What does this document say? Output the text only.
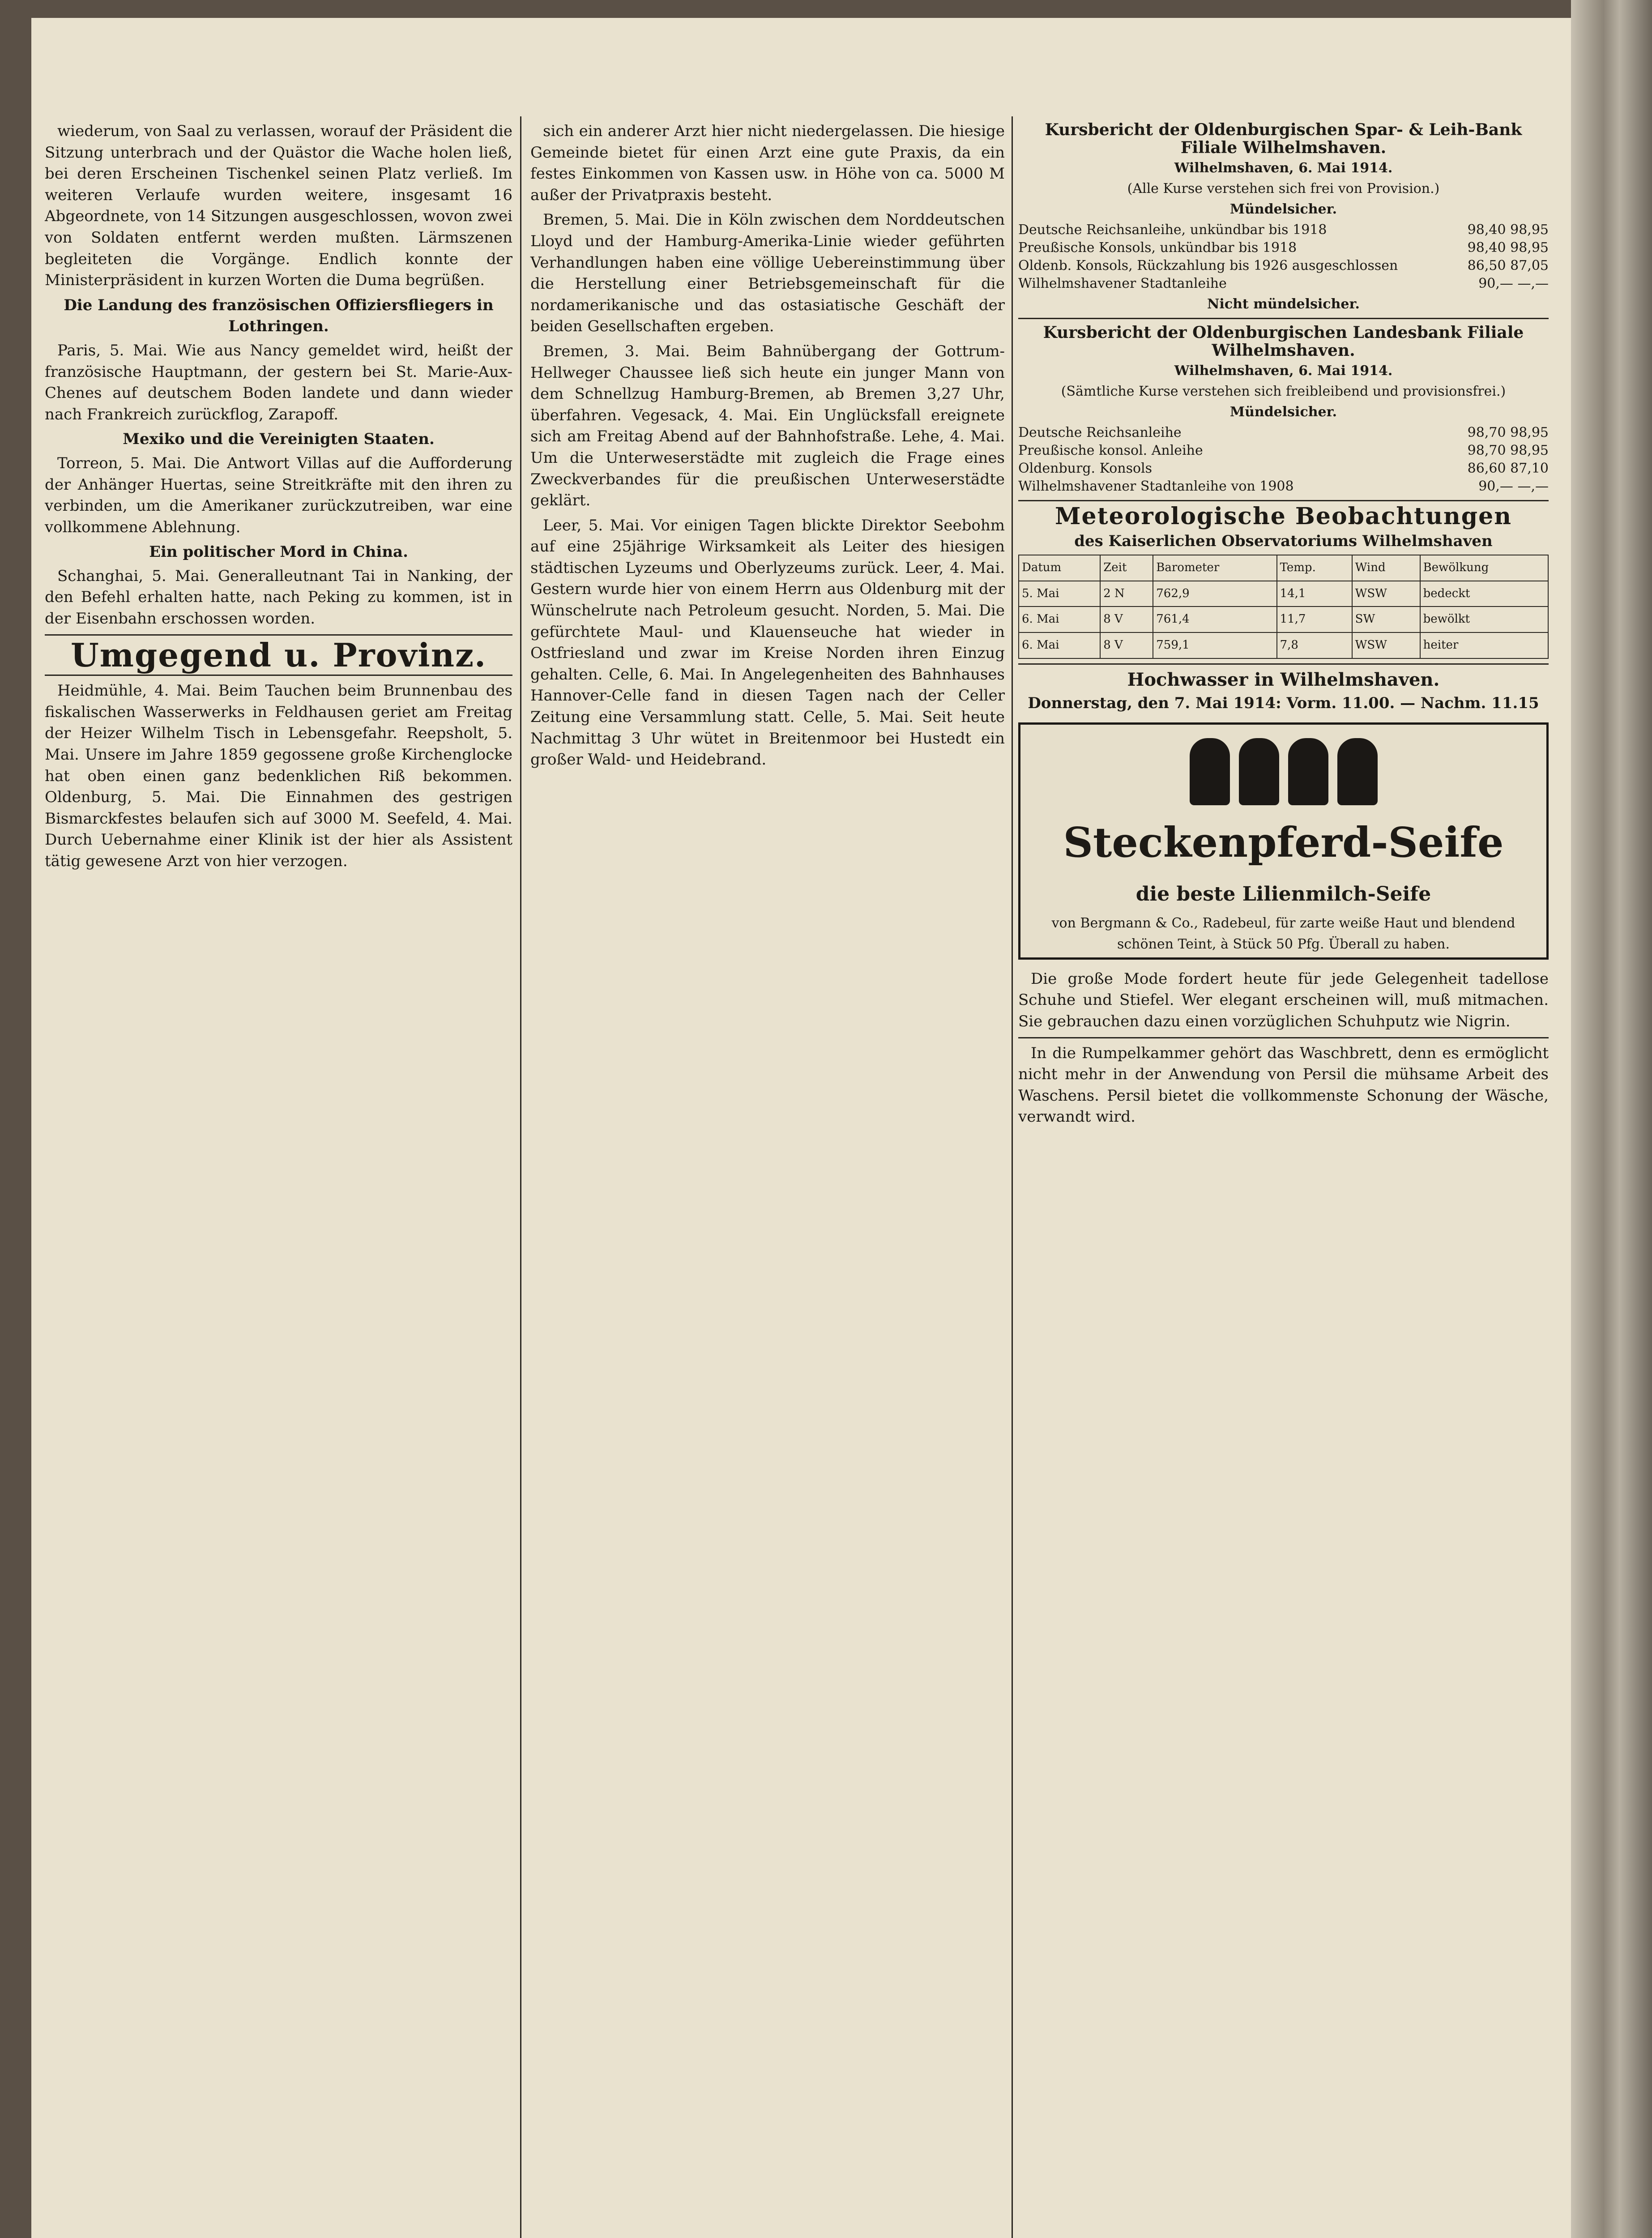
wiederum, von Saal zu verlassen, worauf der Präsident die Sitzung unterbrach und der Quästor die Wache holen ließ, bei deren Erscheinen Tischenkel seinen Platz verließ. Im weiteren Verlaufe wurden weitere, insgesamt 16 Abgeordnete, von 14 Sitzungen ausgeschlossen, wovon zwei von Soldaten entfernt werden mußten. Lärmszenen begleiteten die Vorgänge. Endlich konnte der Ministerpräsident in kurzen Worten die Duma begrüßen.

Die Landung des französischen Offiziersfliegers in Lothringen.

Paris, 5. Mai. Wie aus Nancy gemeldet wird, heißt der französische Hauptmann, der gestern bei St. Marie-Aux-Chenes auf deutschem Boden landete und dann wieder nach Frankreich zurückflog, Zarapoff.

Mexiko und die Vereinigten Staaten.

Torreon, 5. Mai. Die Antwort Villas auf die Aufforderung der Anhänger Huertas, seine Streitkräfte mit den ihren zu verbinden, um die Amerikaner zurückzutreiben, war eine vollkommene Ablehnung.

Ein politischer Mord in China.

Schanghai, 5. Mai. Generalleutnant Tai in Nanking, der den Befehl erhalten hatte, nach Peking zu kommen, ist in der Eisenbahn erschossen worden.

Umgegend u. Provinz.

Heidmühle, 4. Mai. Beim Tauchen beim Brunnenbau des fiskalischen Wasserwerks in Feldhausen geriet am Freitag der Heizer Wilhelm Tisch in Lebensgefahr. Reepsholt, 5. Mai. Unsere im Jahre 1859 gegossene große Kirchenglocke hat oben einen ganz bedenklichen Riß bekommen. Oldenburg, 5. Mai. Die Einnahmen des gestrigen Bismarckfestes belaufen sich auf 3000 M. Seefeld, 4. Mai. Durch Uebernahme einer Klinik ist der hier als Assistent tätig gewesene Arzt von hier verzogen.

sich ein anderer Arzt hier nicht niedergelassen. Die hiesige Gemeinde bietet für einen Arzt eine gute Praxis, da ein festes Einkommen von Kassen usw. in Höhe von ca. 5000 M außer der Privatpraxis besteht.

Bremen, 5. Mai. Die in Köln zwischen dem Norddeutschen Lloyd und der Hamburg-Amerika-Linie wieder geführten Verhandlungen haben eine völlige Uebereinstimmung über die Herstellung einer Betriebsgemeinschaft für die nordamerikanische und das ostasiatische Geschäft der beiden Gesellschaften ergeben.

Bremen, 3. Mai. Beim Bahnübergang der Gottrum-Hellweger Chaussee ließ sich heute ein junger Mann von dem Schnellzug Hamburg-Bremen, ab Bremen 3,27 Uhr, überfahren. Vegesack, 4. Mai. Ein Unglücksfall ereignete sich am Freitag Abend auf der Bahnhofstraße. Lehe, 4. Mai. Um die Unterweserstädte mit zugleich die Frage eines Zweckverbandes für die preußischen Unterweserstädte geklärt.

Leer, 5. Mai. Vor einigen Tagen blickte Direktor Seebohm auf eine 25jährige Wirksamkeit als Leiter des hiesigen städtischen Lyzeums und Oberlyzeums zurück. Leer, 4. Mai. Gestern wurde hier von einem Herrn aus Oldenburg mit der Wünschelrute nach Petroleum gesucht. Norden, 5. Mai. Die gefürchtete Maul- und Klauenseuche hat wieder in Ostfriesland und zwar im Kreise Norden ihren Einzug gehalten. Celle, 6. Mai. In Angelegenheiten des Bahnhauses Hannover-Celle fand in diesen Tagen nach der Celler Zeitung eine Versammlung statt. Celle, 5. Mai. Seit heute Nachmittag 3 Uhr wütet in Breitenmoor bei Hustedt ein großer Wald- und Heidebrand.

Kursbericht der Oldenburgischen Spar- & Leih-Bank Filiale Wilhelmshaven.
Wilhelmshaven, 6. Mai 1914.
(Alle Kurse verstehen sich frei von Provision.)
Mündelsicher.
Deutsche Reichsanleihe, unkündbar bis 1918	98,40 98,95
Preußische Konsols, unkündbar bis 1918	98,40 98,95
Oldenb. Konsols, Rückzahlung bis 1926 ausgeschlossen	86,50 87,05
Wilhelmshavener Stadtanleihe	90,— —,—
Nicht mündelsicher.
Kursbericht der Oldenburgischen Landesbank Filiale Wilhelmshaven.
Wilhelmshaven, 6. Mai 1914.
(Sämtliche Kurse verstehen sich freibleibend und provisionsfrei.)
Mündelsicher.
Deutsche Reichsanleihe	98,70 98,95
Preußische konsol. Anleihe	98,70 98,95
Oldenburg. Konsols	86,60 87,10
Wilhelmshavener Stadtanleihe von 1908	90,— —,—
Meteorologische Beobachtungen
des Kaiserlichen Observatoriums Wilhelmshaven
Datum	Zeit	Barometer	Temp.	Wind	Bewölkung
5. Mai	2 N	762,9	14,1	WSW	bedeckt
6. Mai	8 V	761,4	11,7	SW	bewölkt
6. Mai	8 V	759,1	7,8	WSW	heiter
Hochwasser in Wilhelmshaven.
Donnerstag, den 7. Mai 1914: Vorm. 11.00. — Nachm. 11.15
Steckenpferd-Seife
die beste Lilienmilch-Seife
von Bergmann & Co., Radebeul, für zarte weiße Haut und blendend schönen Teint, à Stück 50 Pfg. Überall zu haben.

Die große Mode fordert heute für jede Gelegenheit tadellose Schuhe und Stiefel. Wer elegant erscheinen will, muß mitmachen. Sie gebrauchen dazu einen vorzüglichen Schuhputz wie Nigrin.

In die Rumpelkammer gehört das Waschbrett, denn es ermöglicht nicht mehr in der Anwendung von Persil die mühsame Arbeit des Waschens. Persil bietet die vollkommenste Schonung der Wäsche, verwandt wird.
